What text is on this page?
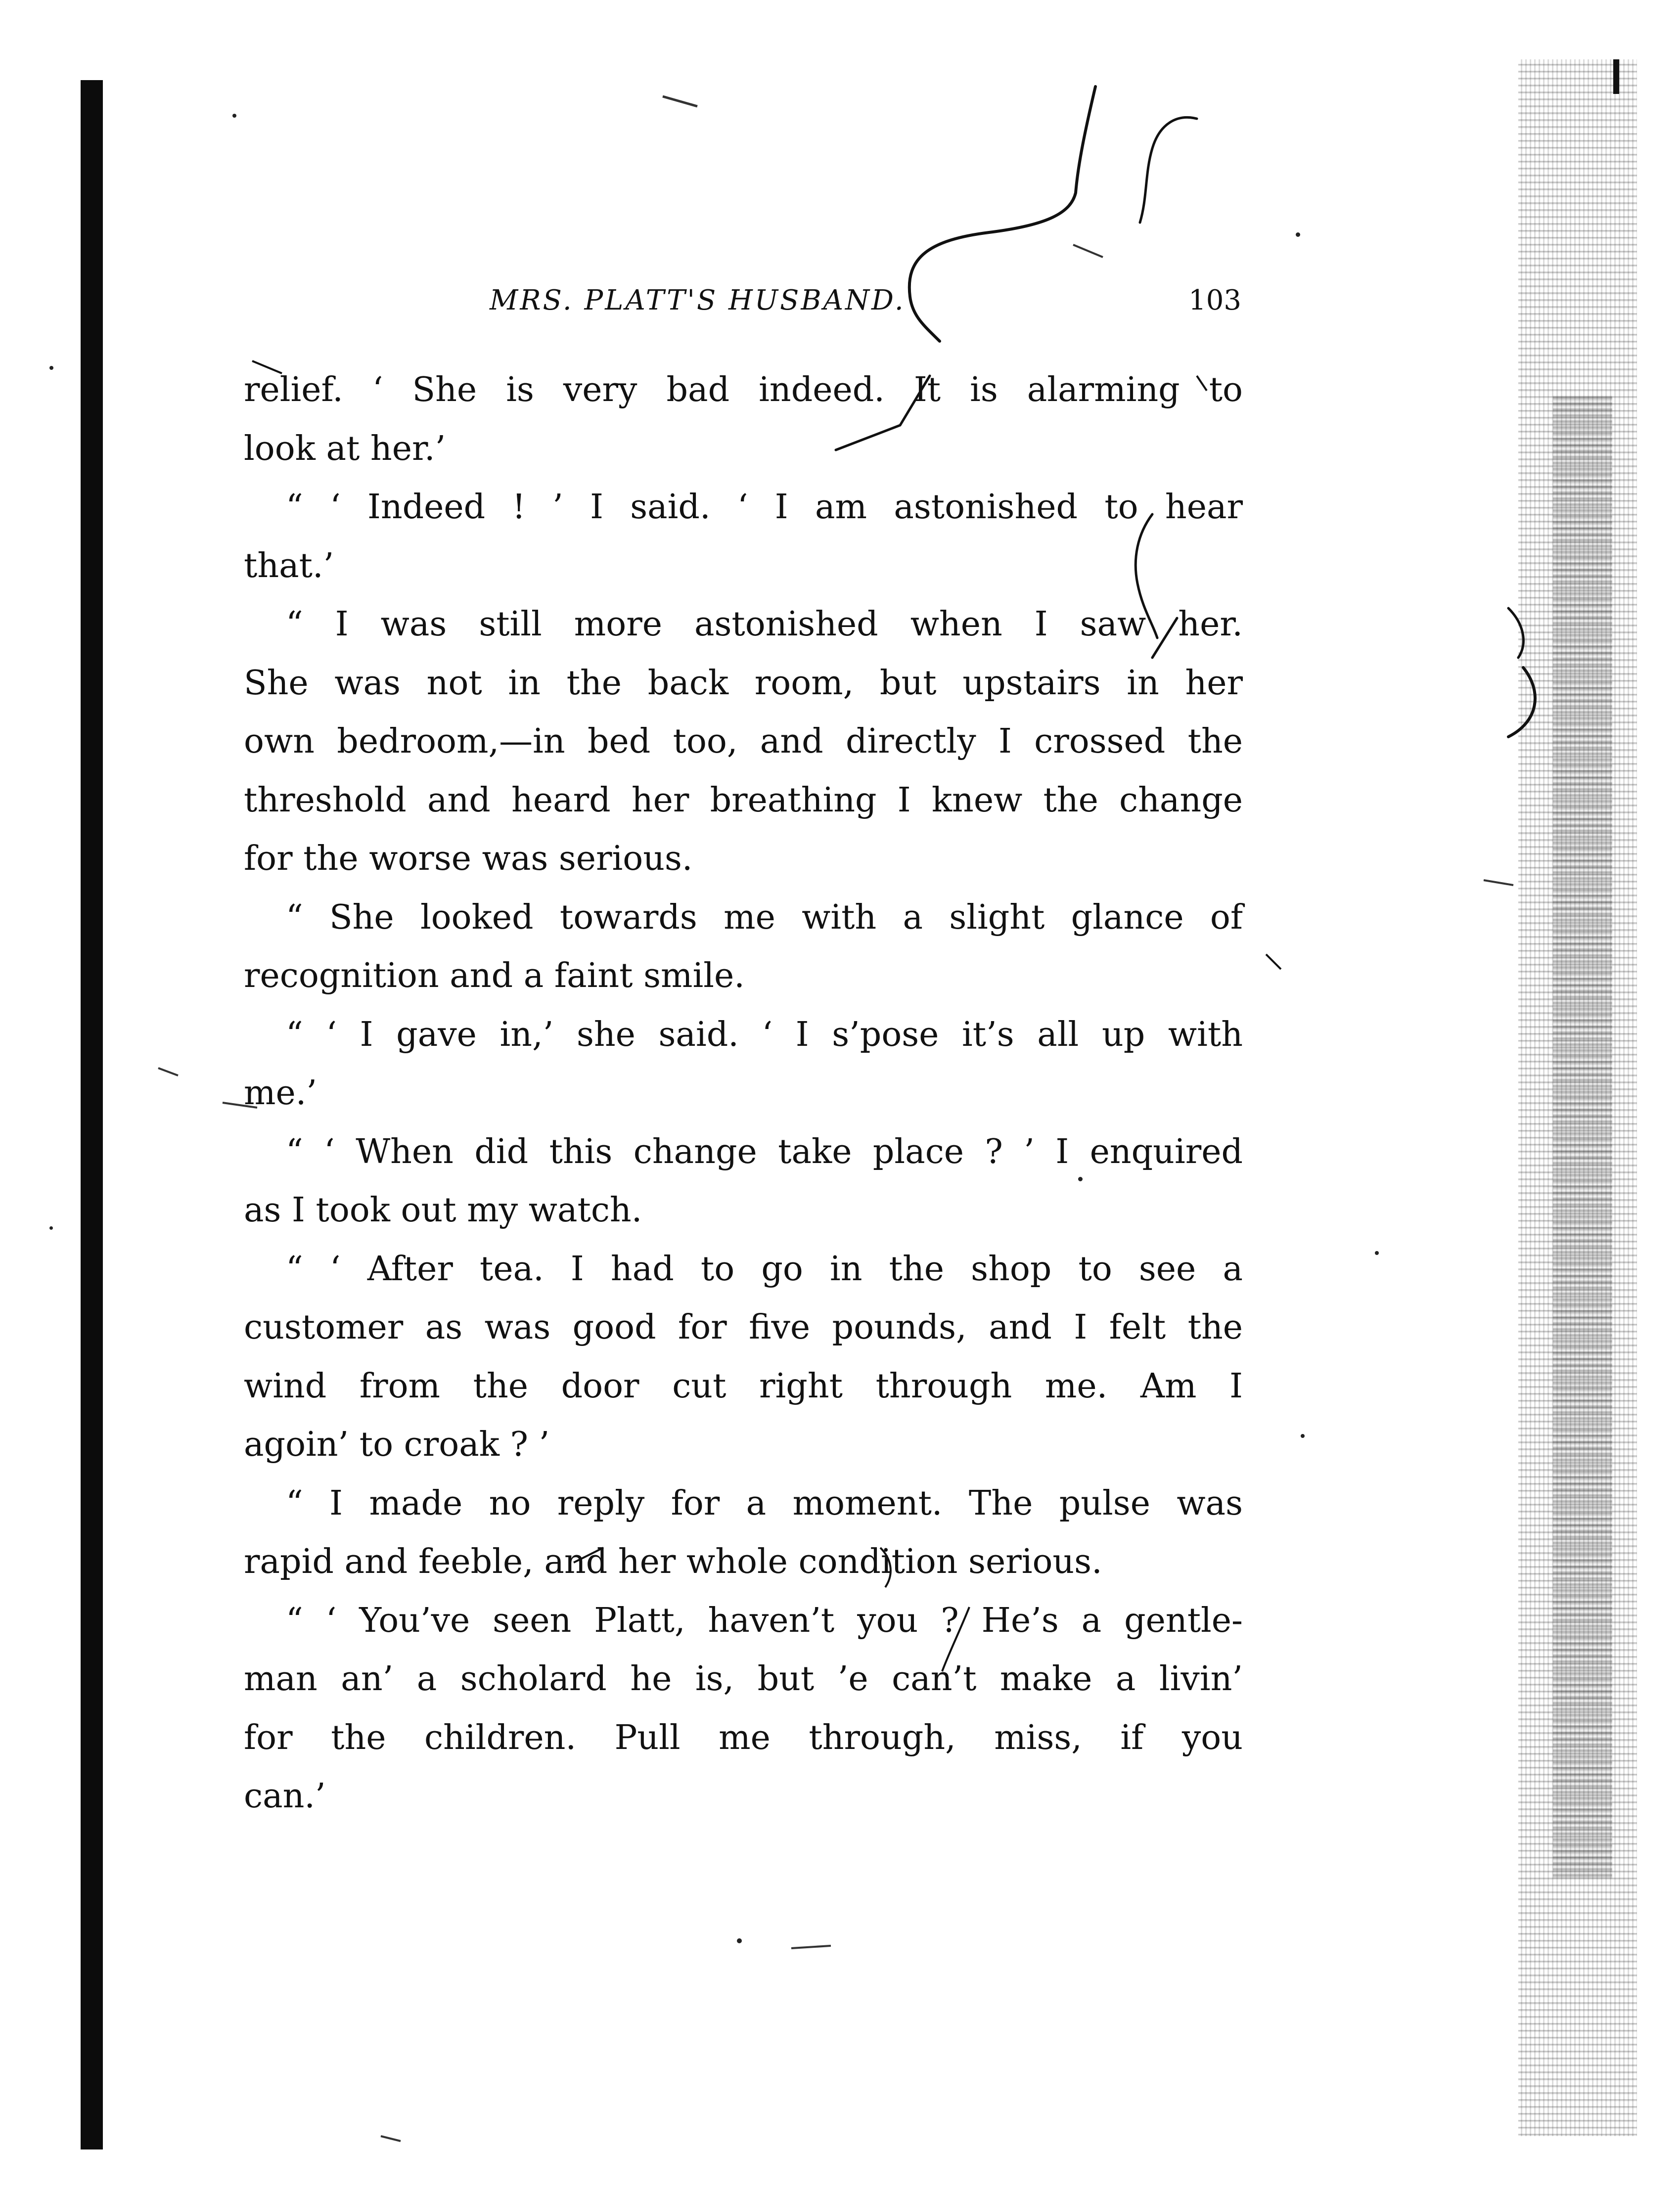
MRS. PLATT'S HUSBAND.	103
relief. ‘ She is very bad indeed. It is alarming to
look at her.’
“ ‘ Indeed ! ’ I said. ‘ I am astonished to hear
that.’
“ I was still more astonished when I saw her.
She was not in the back room, but upstairs in her
own bedroom,—in bed too, and directly I crossed the
threshold and heard her breathing I knew the change
for the worse was serious.
“ She looked towards me with a slight glance of
recognition and a faint smile.
“ ‘ I gave in,’ she said. ‘ I s’pose it’s all up with
me.’
“ ‘ When did this change take place ? ’ I enquired
as I took out my watch.
“ ‘ After tea. I had to go in the shop to see a
customer as was good for five pounds, and I felt the
wind from the door cut right through me. Am I
agoin’ to croak ? ’
“ I made no reply for a moment. The pulse was
rapid and feeble, and her whole condition serious.
“ ‘ You’ve seen Platt, haven’t you ? He’s a gentle-
man an’ a scholard he is, but ’e can’t make a livin’
for the children. Pull me through, miss, if you
can.’
